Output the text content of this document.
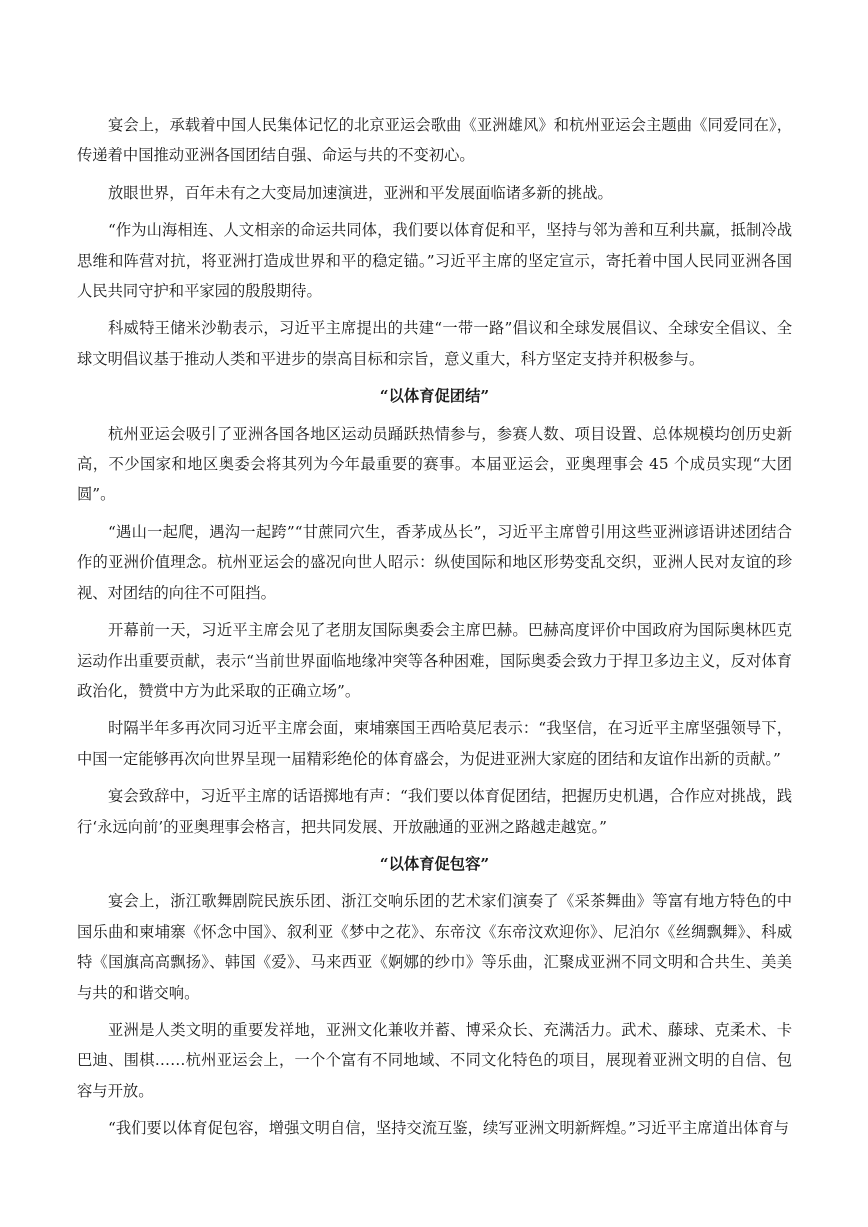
宴会上，承载着中国人民集体记忆的北京亚运会歌曲《亚洲雄风》和杭州亚运会主题曲《同爱同在》，传递着中国推动亚洲各国团结自强、命运与共的不变初心。

放眼世界，百年未有之大变局加速演进，亚洲和平发展面临诸多新的挑战。

“作为山海相连、人文相亲的命运共同体，我们要以体育促和平，坚持与邻为善和互利共赢，抵制冷战思维和阵营对抗，将亚洲打造成世界和平的稳定锚。”习近平主席的坚定宣示，寄托着中国人民同亚洲各国人民共同守护和平家园的殷殷期待。

科威特王储米沙勒表示，习近平主席提出的共建“一带一路”倡议和全球发展倡议、全球安全倡议、全球文明倡议基于推动人类和平进步的崇高目标和宗旨，意义重大，科方坚定支持并积极参与。

“以体育促团结”

杭州亚运会吸引了亚洲各国各地区运动员踊跃热情参与，参赛人数、项目设置、总体规模均创历史新高，不少国家和地区奥委会将其列为今年最重要的赛事。本届亚运会，亚奥理事会 45 个成员实现“大团圆”。

“遇山一起爬，遇沟一起跨”“甘蔗同穴生，香茅成丛长”，习近平主席曾引用这些亚洲谚语讲述团结合作的亚洲价值理念。杭州亚运会的盛况向世人昭示：纵使国际和地区形势变乱交织，亚洲人民对友谊的珍视、对团结的向往不可阻挡。

开幕前一天，习近平主席会见了老朋友国际奥委会主席巴赫。巴赫高度评价中国政府为国际奥林匹克运动作出重要贡献，表示“当前世界面临地缘冲突等各种困难，国际奥委会致力于捍卫多边主义，反对体育政治化，赞赏中方为此采取的正确立场”。

时隔半年多再次同习近平主席会面，柬埔寨国王西哈莫尼表示：“我坚信，在习近平主席坚强领导下，中国一定能够再次向世界呈现一届精彩绝伦的体育盛会，为促进亚洲大家庭的团结和友谊作出新的贡献。”

宴会致辞中，习近平主席的话语掷地有声：“我们要以体育促团结，把握历史机遇，合作应对挑战，践行‘永远向前’的亚奥理事会格言，把共同发展、开放融通的亚洲之路越走越宽。”

“以体育促包容”

宴会上，浙江歌舞剧院民族乐团、浙江交响乐团的艺术家们演奏了《采茶舞曲》等富有地方特色的中国乐曲和柬埔寨《怀念中国》、叙利亚《梦中之花》、东帝汶《东帝汶欢迎你》、尼泊尔《丝绸飘舞》、科威特《国旗高高飘扬》、韩国《爱》、马来西亚《婀娜的纱巾》等乐曲，汇聚成亚洲不同文明和合共生、美美与共的和谐交响。

亚洲是人类文明的重要发祥地，亚洲文化兼收并蓄、博采众长、充满活力。武术、藤球、克柔术、卡巴迪、围棋……杭州亚运会上，一个个富有不同地域、不同文化特色的项目，展现着亚洲文明的自信、包容与开放。

“我们要以体育促包容，增强文明自信，坚持交流互鉴，续写亚洲文明新辉煌。”习近平主席道出体育与
